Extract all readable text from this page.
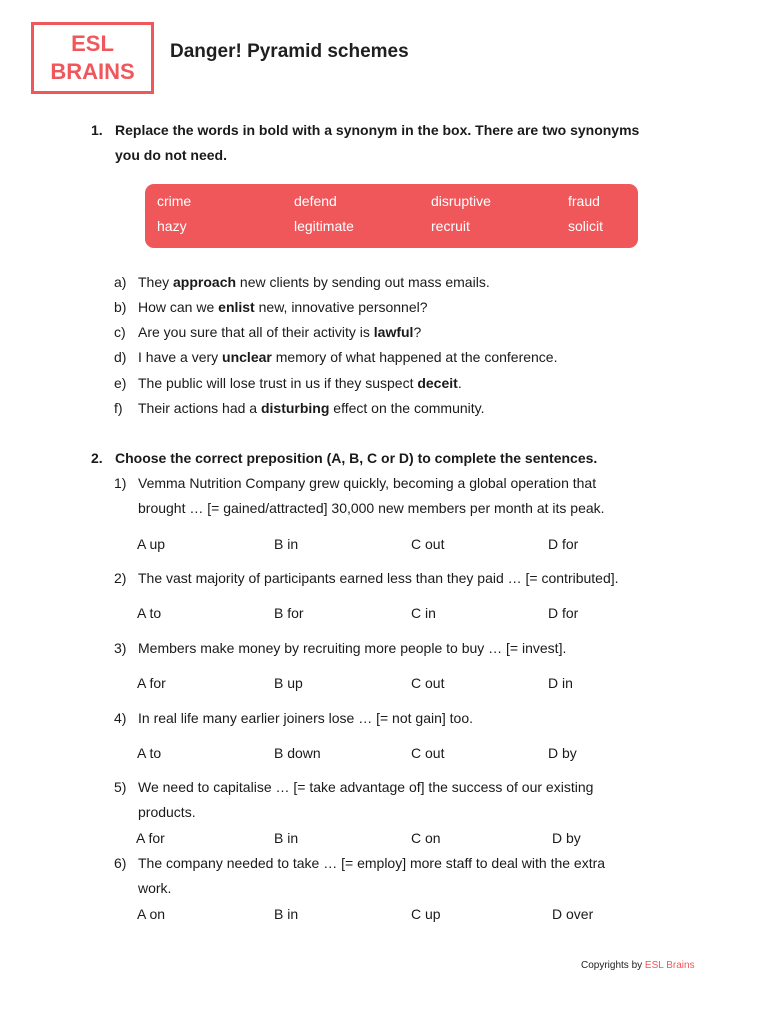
ESL
BRAINS
Danger! Pyramid schemes
1. Replace the words in bold with a synonym in the box. There are two synonyms
you do not need.
crime	defend	disruptive	fraud
hazy	legitimate	recruit	solicit
a) They approach new clients by sending out mass emails.
b) How can we enlist new, innovative personnel?
c) Are you sure that all of their activity is lawful?
d) I have a very unclear memory of what happened at the conference.
e) The public will lose trust in us if they suspect deceit.
f) Their actions had a disturbing effect on the community.
2. Choose the correct preposition (A, B, C or D) to complete the sentences.
1) Vemma Nutrition Company grew quickly, becoming a global operation that
brought … [= gained/attracted] 30,000 new members per month at its peak.
A up	B in	C out	D for
2) The vast majority of participants earned less than they paid … [= contributed].
A to	B for	C in	D for
3) Members make money by recruiting more people to buy … [= invest].
A for	B up	C out	D in
4) In real life many earlier joiners lose … [= not gain] too.
A to	B down	C out	D by
5) We need to capitalise … [= take advantage of] the success of our existing
products.
A for	B in	C on	D by
6) The company needed to take … [= employ] more staff to deal with the extra
work.
A on	B in	C up	D over
Copyrights by ESL Brains
